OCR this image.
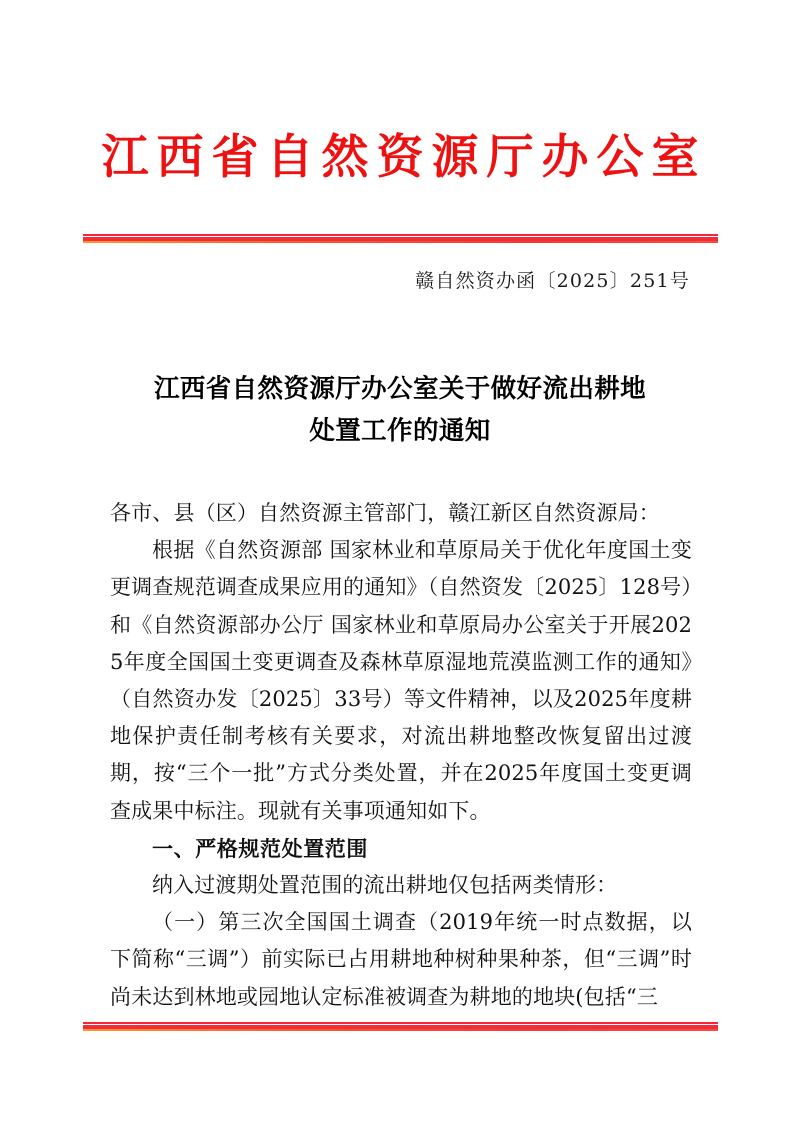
江西省自然资源厅办公室
赣自然资办函〔2025〕251号
江西省自然资源厅办公室关于做好流出耕地
处置工作的通知

各市、县（区）自然资源主管部门，赣江新区自然资源局：

根据《自然资源部 国家林业和草原局关于优化年度国土变更调查规范调查成果应用的通知》（自然资发〔2025〕128号）和《自然资源部办公厅 国家林业和草原局办公室关于开展2025年度全国国土变更调查及森林草原湿地荒漠监测工作的通知》（自然资办发〔2025〕33号）等文件精神，以及2025年度耕地保护责任制考核有关要求，对流出耕地整改恢复留出过渡期，按“三个一批”方式分类处置，并在2025年度国土变更调查成果中标注。现就有关事项通知如下。

一、严格规范处置范围

纳入过渡期处置范围的流出耕地仅包括两类情形：

（一）第三次全国国土调查（2019年统一时点数据，以下简称“三调”）前实际已占用耕地种树种果种茶，但“三调”时尚未达到林地或园地认定标准被调查为耕地的地块(包括“三
